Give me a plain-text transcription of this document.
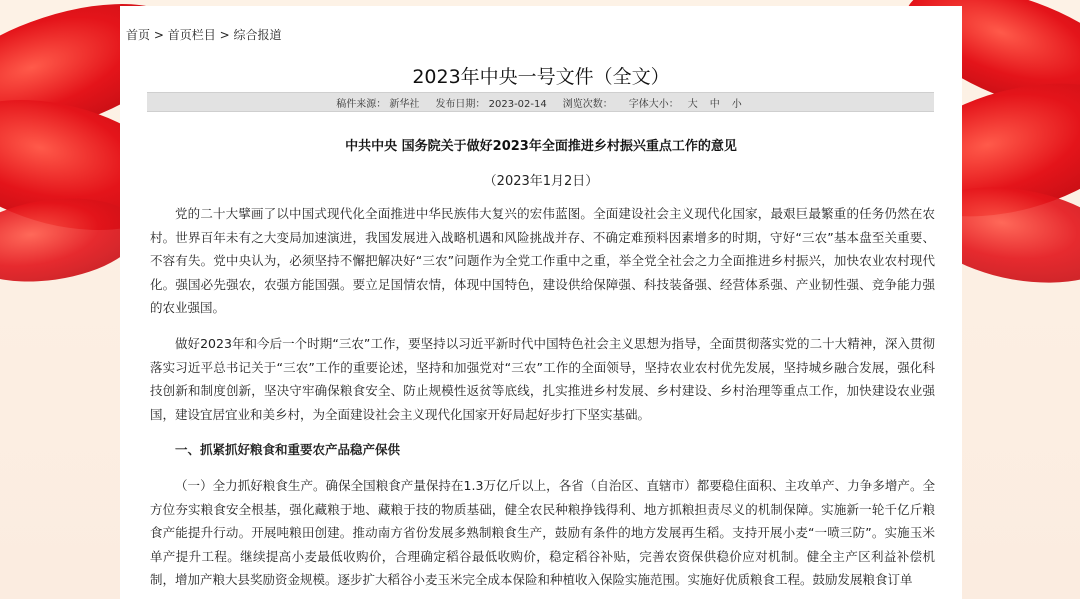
首页 > 首页栏目 > 综合报道
2023年中央一号文件（全文）
稿件来源： 新华社 发布日期： 2023-02-14 浏览次数： 字体大小： 大	中	小
中共中央 国务院关于做好2023年全面推进乡村振兴重点工作的意见
（2023年1月2日）

党的二十大擘画了以中国式现代化全面推进中华民族伟大复兴的宏伟蓝图。全面建设社会主义现代化国家，最艰巨最繁重的任务仍然在农村。世界百年未有之大变局加速演进，我国发展进入战略机遇和风险挑战并存、不确定难预料因素增多的时期，守好“三农”基本盘至关重要、不容有失。党中央认为，必须坚持不懈把解决好“三农”问题作为全党工作重中之重，举全党全社会之力全面推进乡村振兴，加快农业农村现代化。强国必先强农，农强方能国强。要立足国情农情，体现中国特色，建设供给保障强、科技装备强、经营体系强、产业韧性强、竞争能力强的农业强国。

做好2023年和今后一个时期“三农”工作，要坚持以习近平新时代中国特色社会主义思想为指导，全面贯彻落实党的二十大精神，深入贯彻落实习近平总书记关于“三农”工作的重要论述，坚持和加强党对“三农”工作的全面领导，坚持农业农村优先发展，坚持城乡融合发展，强化科技创新和制度创新，坚决守牢确保粮食安全、防止规模性返贫等底线，扎实推进乡村发展、乡村建设、乡村治理等重点工作，加快建设农业强国，建设宜居宜业和美乡村，为全面建设社会主义现代化国家开好局起好步打下坚实基础。

一、抓紧抓好粮食和重要农产品稳产保供

（一）全力抓好粮食生产。确保全国粮食产量保持在1.3万亿斤以上，各省（自治区、直辖市）都要稳住面积、主攻单产、力争多增产。全方位夯实粮食安全根基，强化藏粮于地、藏粮于技的物质基础，健全农民种粮挣钱得利、地方抓粮担责尽义的机制保障。实施新一轮千亿斤粮食产能提升行动。开展吨粮田创建。推动南方省份发展多熟制粮食生产，鼓励有条件的地方发展再生稻。支持开展小麦“一喷三防”。实施玉米单产提升工程。继续提高小麦最低收购价，合理确定稻谷最低收购价，稳定稻谷补贴，完善农资保供稳价应对机制。健全主产区利益补偿机制，增加产粮大县奖励资金规模。逐步扩大稻谷小麦玉米完全成本保险和种植收入保险实施范围。实施好优质粮食工程。鼓励发展粮食订单
